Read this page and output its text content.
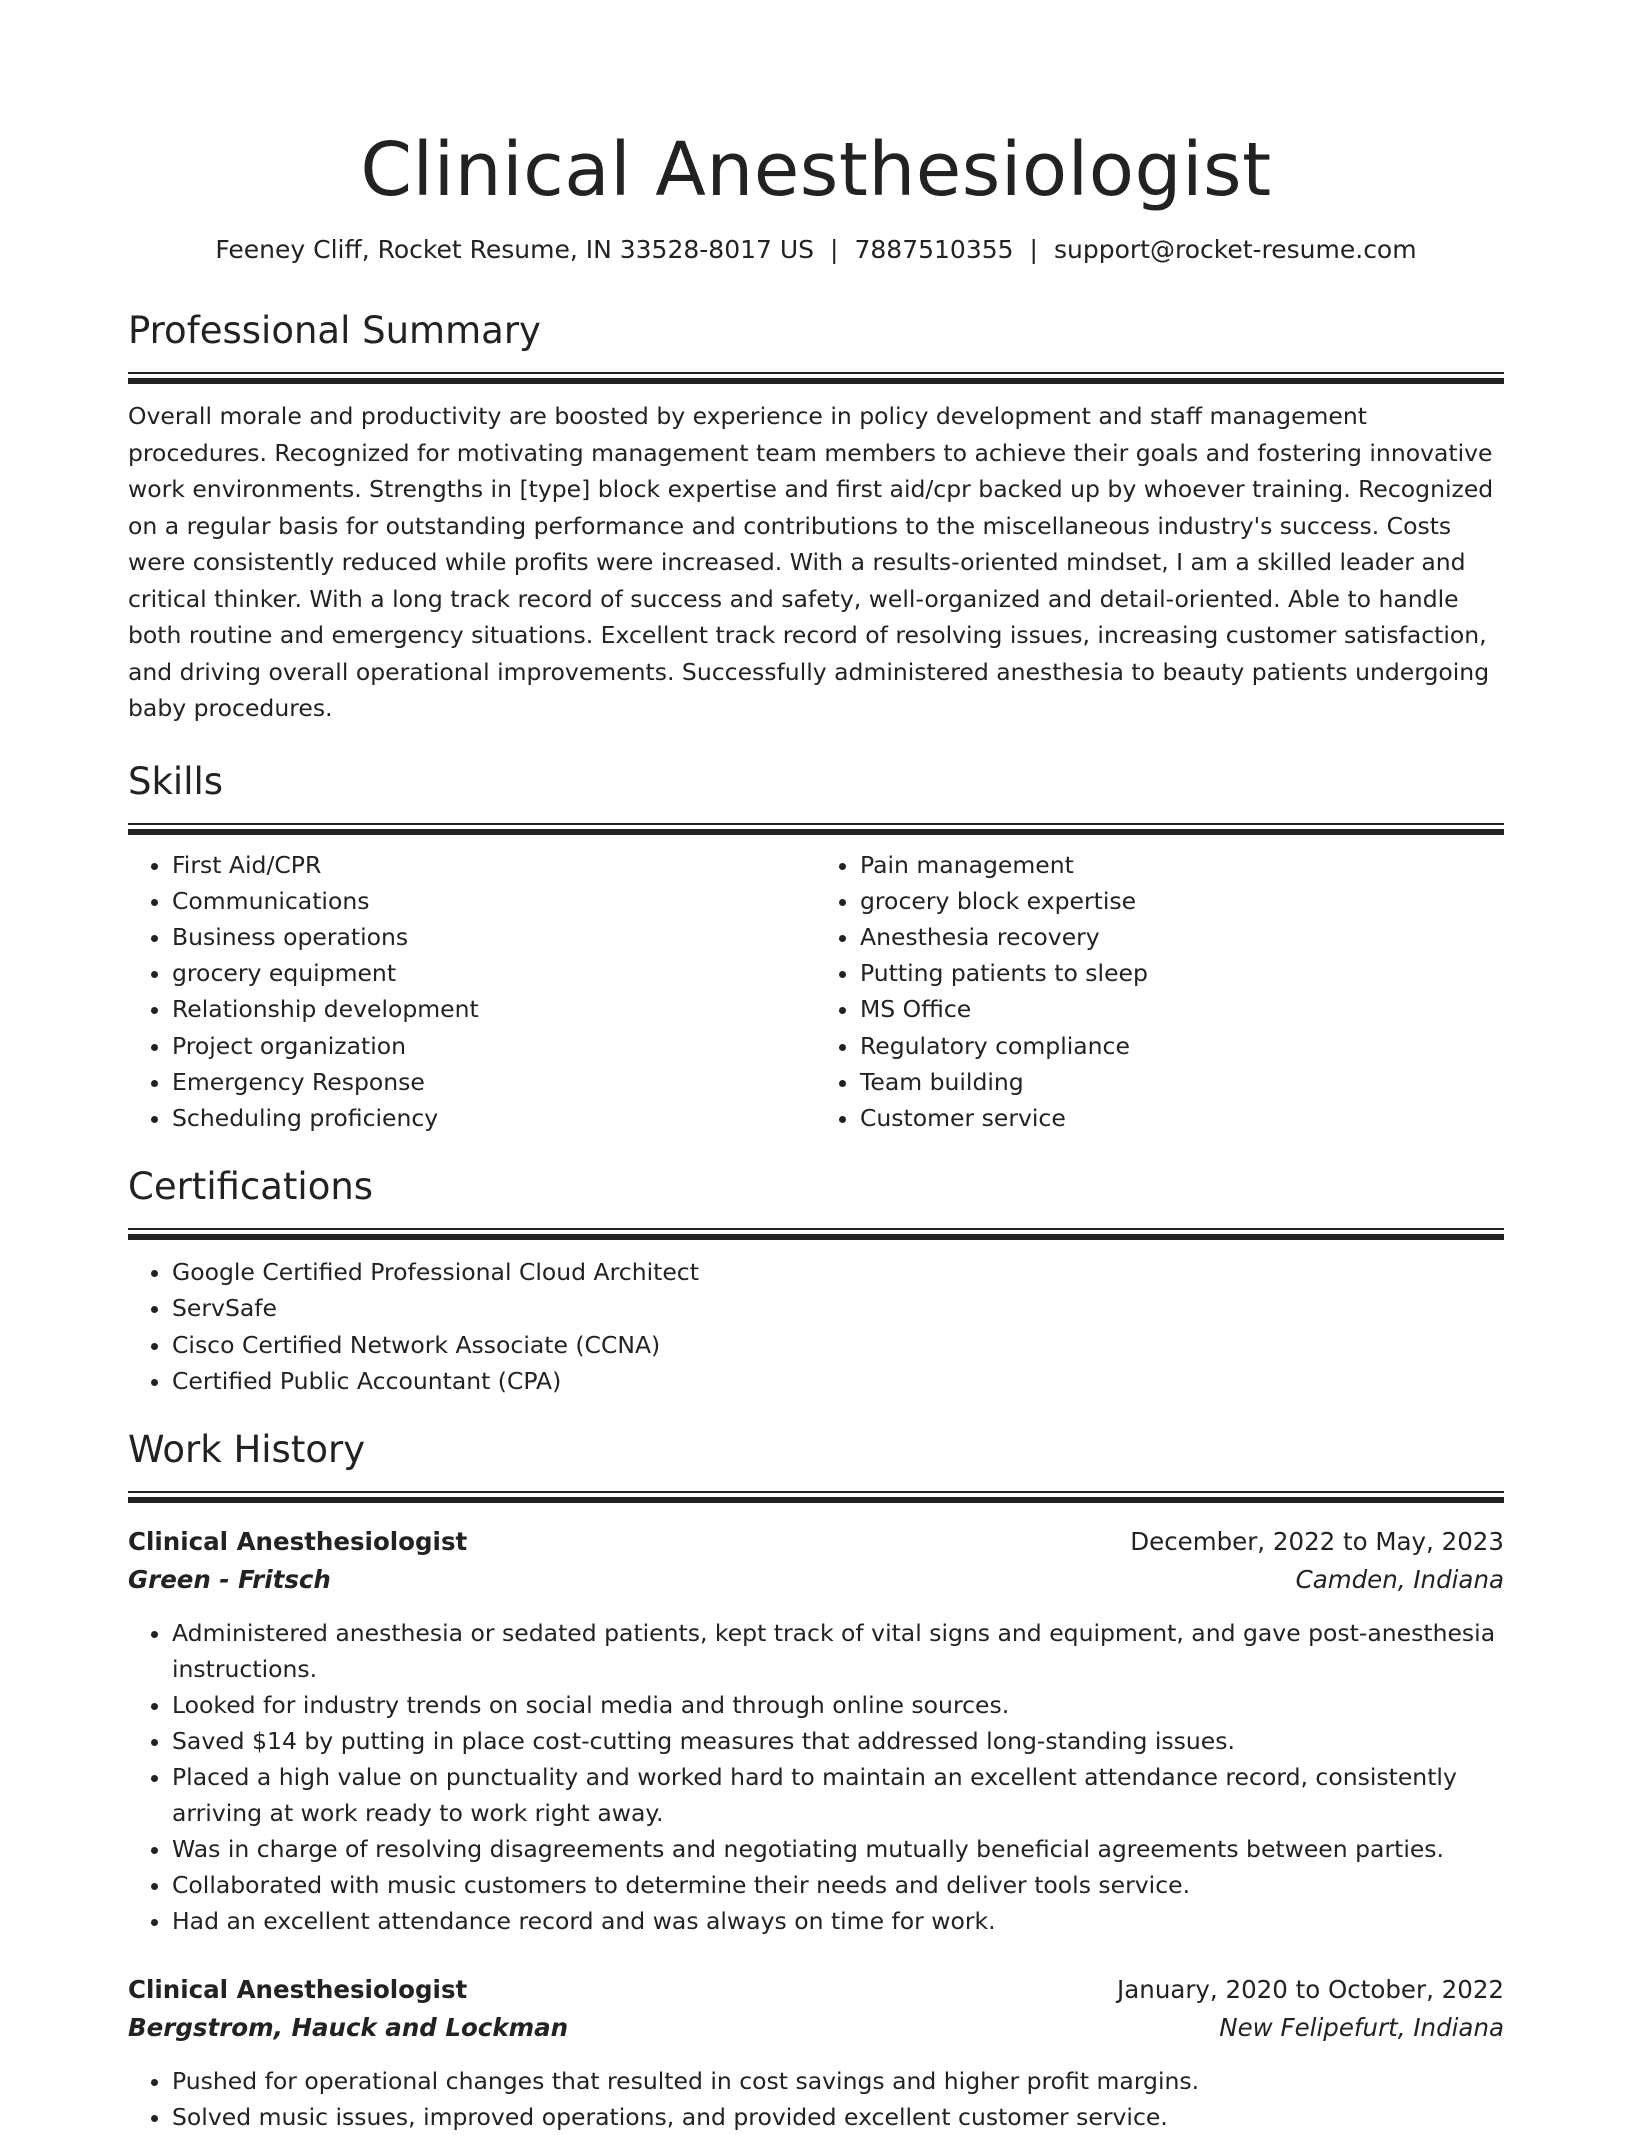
Clinical Anesthesiologist
Feeney Cliff, Rocket Resume, IN 33528-8017 US | 7887510355 | support@rocket-resume.com
Professional Summary

Overall morale and productivity are boosted by experience in policy development and staff management procedures. Recognized for motivating management team members to achieve their goals and fostering innovative work environments. Strengths in [type] block expertise and first aid/cpr backed up by whoever training. Recognized on a regular basis for outstanding performance and contributions to the miscellaneous industry's success. Costs were consistently reduced while profits were increased. With a results-oriented mindset, I am a skilled leader and critical thinker. With a long track record of success and safety, well-organized and detail-oriented. Able to handle both routine and emergency situations. Excellent track record of resolving issues, increasing customer satisfaction, and driving overall operational improvements. Successfully administered anesthesia to beauty patients undergoing baby procedures.

Skills
• First Aid/CPR
• Communications
• Business operations
• grocery equipment
• Relationship development
• Project organization
• Emergency Response
• Scheduling proficiency
• Pain management
• grocery block expertise
• Anesthesia recovery
• Putting patients to sleep
• MS Office
• Regulatory compliance
• Team building
• Customer service
Certifications
• Google Certified Professional Cloud Architect
• ServSafe
• Cisco Certified Network Associate (CCNA)
• Certified Public Accountant (CPA)
Work History
Clinical Anesthesiologist	December, 2022 to May, 2023
Green - Fritsch	Camden, Indiana
• Administered anesthesia or sedated patients, kept track of vital signs and equipment, and gave post-anesthesia instructions.
• Looked for industry trends on social media and through online sources.
• Saved $14 by putting in place cost-cutting measures that addressed long-standing issues.
• Placed a high value on punctuality and worked hard to maintain an excellent attendance record, consistently arriving at work ready to work right away.
• Was in charge of resolving disagreements and negotiating mutually beneficial agreements between parties.
• Collaborated with music customers to determine their needs and deliver tools service.
• Had an excellent attendance record and was always on time for work.
Clinical Anesthesiologist	January, 2020 to October, 2022
Bergstrom, Hauck and Lockman	New Felipefurt, Indiana
• Pushed for operational changes that resulted in cost savings and higher profit margins.
• Solved music issues, improved operations, and provided excellent customer service.
